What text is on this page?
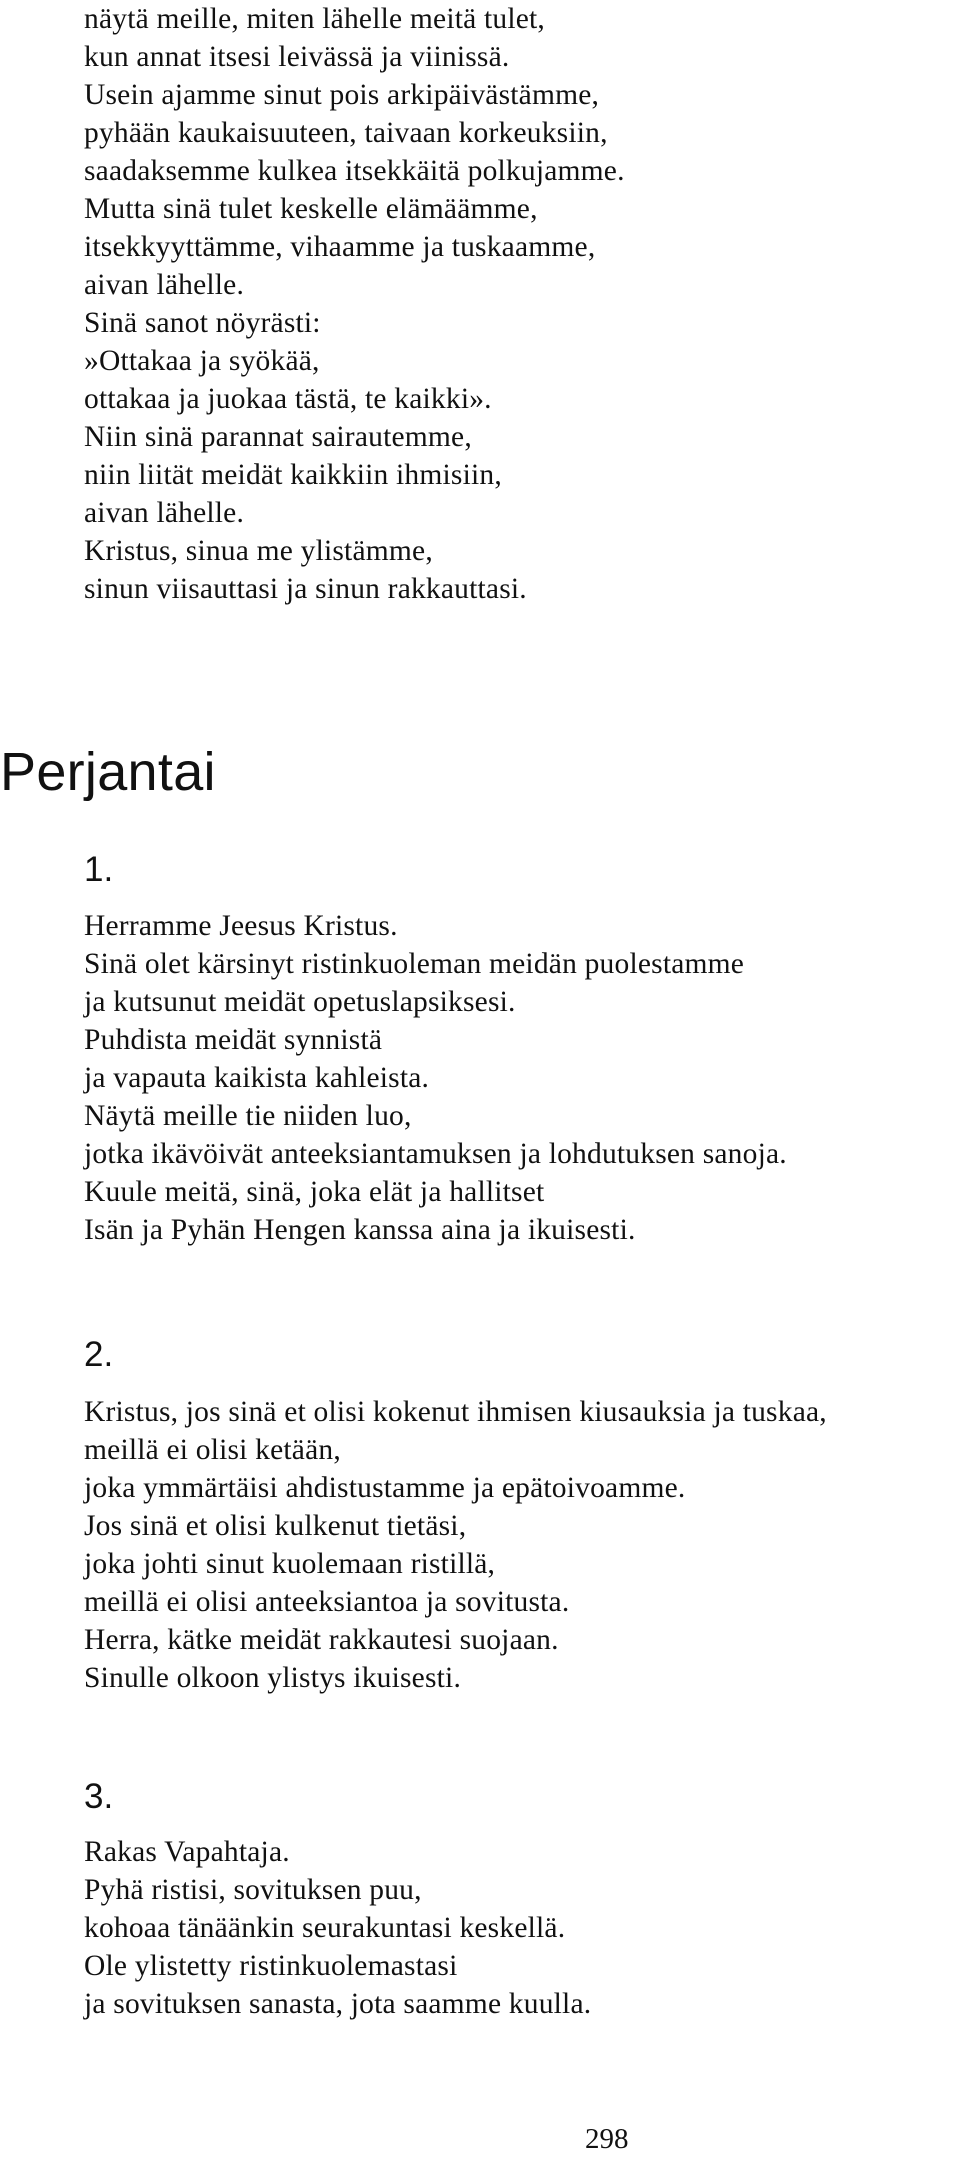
näytä meille, miten lähelle meitä tulet,
kun annat itsesi leivässä ja viinissä.
Usein ajamme sinut pois arkipäivästämme,
pyhään kaukaisuuteen, taivaan korkeuksiin,
saadaksemme kulkea itsekkäitä polkujamme.
Mutta sinä tulet keskelle elämäämme,
itsekkyyttämme, vihaamme ja tuskaamme,
aivan lähelle.
Sinä sanot nöyrästi:
»Ottakaa ja syökää,
ottakaa ja juokaa tästä, te kaikki».
Niin sinä parannat sairautemme,
niin liität meidät kaikkiin ihmisiin,
aivan lähelle.
Kristus, sinua me ylistämme,
sinun viisauttasi ja sinun rakkauttasi.
Perjantai
1.
Herramme Jeesus Kristus.
Sinä olet kärsinyt ristinkuoleman meidän puolestamme
ja kutsunut meidät opetuslapsiksesi.
Puhdista meidät synnistä
ja vapauta kaikista kahleista.
Näytä meille tie niiden luo,
jotka ikävöivät anteeksiantamuksen ja lohdutuksen sanoja.
Kuule meitä, sinä, joka elät ja hallitset
Isän ja Pyhän Hengen kanssa aina ja ikuisesti.
2.
Kristus, jos sinä et olisi kokenut ihmisen kiusauksia ja tuskaa,
meillä ei olisi ketään,
joka ymmärtäisi ahdistustamme ja epätoivoamme.
Jos sinä et olisi kulkenut tietäsi,
joka johti sinut kuolemaan ristillä,
meillä ei olisi anteeksiantoa ja sovitusta.
Herra, kätke meidät rakkautesi suojaan.
Sinulle olkoon ylistys ikuisesti.
3.
Rakas Vapahtaja.
Pyhä ristisi, sovituksen puu,
kohoaa tänäänkin seurakuntasi keskellä.
Ole ylistetty ristinkuolemastasi
ja sovituksen sanasta, jota saamme kuulla.
298
